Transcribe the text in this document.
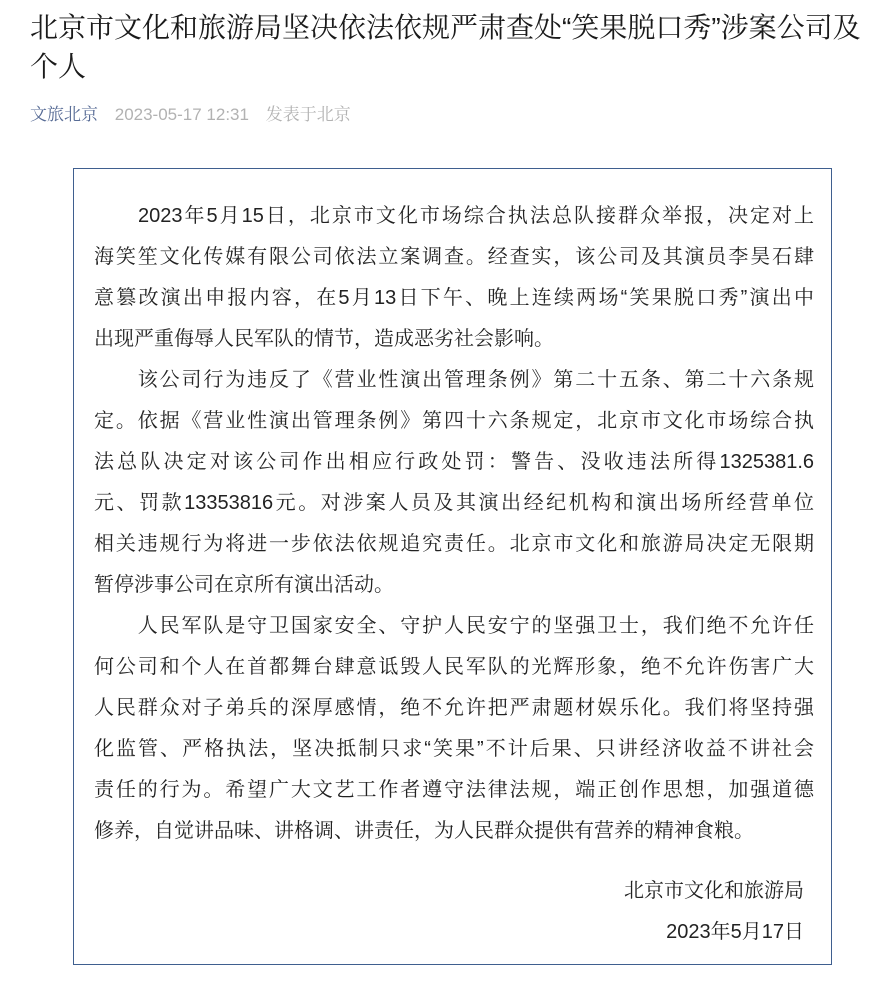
北京市文化和旅游局坚决依法依规严肃查处“笑果脱口秀”涉案公司及个人
文旅北京 2023-05-17 12:31 发表于北京
　　2023年5月15日，北京市文化市场综合执法总队接群众举报，决定对上
海笑笙文化传媒有限公司依法立案调查。经查实，该公司及其演员李昊石肆
意篡改演出申报内容，在5月13日下午、晚上连续两场“笑果脱口秀”演出中
出现严重侮辱人民军队的情节，造成恶劣社会影响。
　　该公司行为违反了《营业性演出管理条例》第二十五条、第二十六条规
定。依据《营业性演出管理条例》第四十六条规定，北京市文化市场综合执
法总队决定对该公司作出相应行政处罚：警告、没收违法所得1325381.6
元、罚款13353816元。对涉案人员及其演出经纪机构和演出场所经营单位
相关违规行为将进一步依法依规追究责任。北京市文化和旅游局决定无限期
暂停涉事公司在京所有演出活动。
　　人民军队是守卫国家安全、守护人民安宁的坚强卫士，我们绝不允许任
何公司和个人在首都舞台肆意诋毁人民军队的光辉形象，绝不允许伤害广大
人民群众对子弟兵的深厚感情，绝不允许把严肃题材娱乐化。我们将坚持强
化监管、严格执法，坚决抵制只求“笑果”不计后果、只讲经济收益不讲社会
责任的行为。希望广大文艺工作者遵守法律法规，端正创作思想，加强道德
修养，自觉讲品味、讲格调、讲责任，为人民群众提供有营养的精神食粮。
北京市文化和旅游局
2023年5月17日
